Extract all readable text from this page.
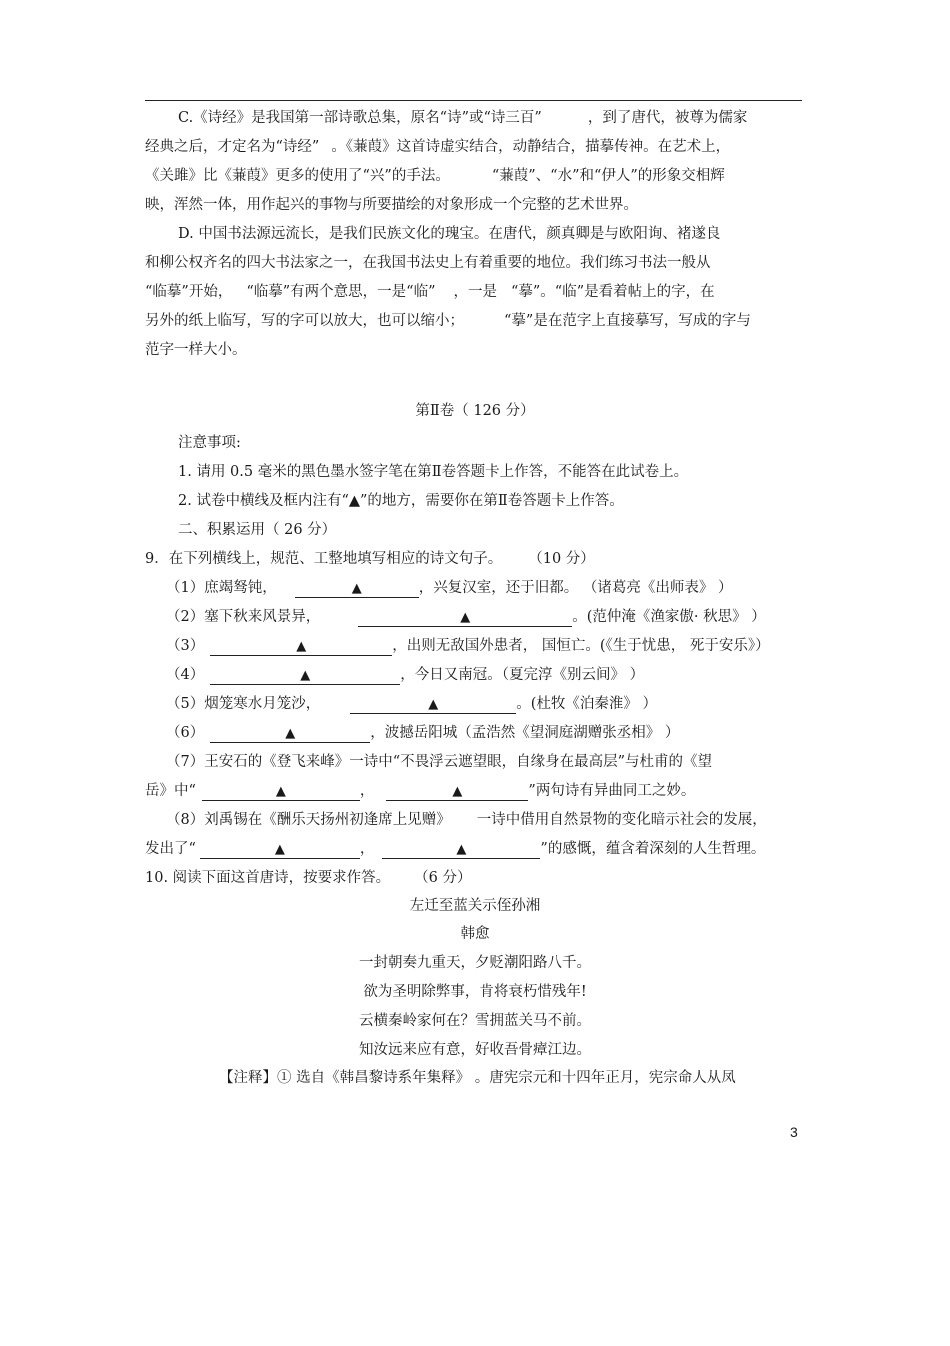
C.《诗经》是我国第一部诗歌总集，原名“诗”或“诗三百”	，到了唐代，被尊为儒家
经典之后，才定名为“诗经” 。《蒹葭》这首诗虚实结合，动静结合，描摹传神。在艺术上，
《关雎》比《蒹葭》更多的使用了“兴”的手法。	“蒹葭”、“水”和“伊人”的形象交相辉
映，浑然一体，用作起兴的事物与所要描绘的对象形成一个完整的艺术世界。
D. 中国书法源远流长，是我们民族文化的瑰宝。在唐代，颜真卿是与欧阳询、褚遂良
和柳公权齐名的四大书法家之一，在我国书法史上有着重要的地位。我们练习书法一般从
“临摹”开始， “临摹”有两个意思，一是“临” ，一是 “摹”。“临”是看着帖上的字，在
另外的纸上临写，写的字可以放大，也可以缩小；	“摹”是在范字上直接摹写，写成的字与
范字一样大小。
第Ⅱ卷（ 126 分）
注意事项:
1. 请用 0.5 毫米的黑色墨水签字笔在第Ⅱ卷答题卡上作答，不能答在此试卷上。
2. 试卷中横线及框内注有“▲”的地方，需要你在第Ⅱ卷答题卡上作答。
二、积累运用（ 26 分）
9．在下列横线上，规范、工整地填写相应的诗文句子。 （10 分）
（1）庶竭驽钝，	▲	，兴复汉室，还于旧都。 （诸葛亮《出师表》 ）
（2）塞下秋来风景异，	▲	。(范仲淹《渔家傲· 秋思》 ）
（3）	▲	，出则无敌国外患者， 国恒亡。(《生于忧患， 死于安乐》）
（4）	▲	，今日又南冠。（夏完淳《别云间》 ）
（5）烟笼寒水月笼沙，	▲	。(杜牧《泊秦淮》 ）
（6）	▲	，波撼岳阳城（孟浩然《望洞庭湖赠张丞相》 ）
（7）王安石的《登飞来峰》一诗中“不畏浮云遮望眼，自缘身在最高层”与杜甫的《望
岳》中“	▲	，	▲	”两句诗有异曲同工之妙。
（8）刘禹锡在《酬乐天扬州初逢席上见赠》 一诗中借用自然景物的变化暗示社会的发展，
发出了“	▲	，	▲	”的感慨，蕴含着深刻的人生哲理。
10. 阅读下面这首唐诗，按要求作答。 （6 分）
左迁至蓝关示侄孙湘
韩愈
一封朝奏九重天，夕贬潮阳路八千。
欲为圣明除弊事，肯将衰朽惜残年!
云横秦岭家何在？雪拥蓝关马不前。
知汝远来应有意，好收吾骨瘴江边。
【注释】① 选自《韩昌黎诗系年集释》 。唐宪宗元和十四年正月，宪宗命人从凤
3
